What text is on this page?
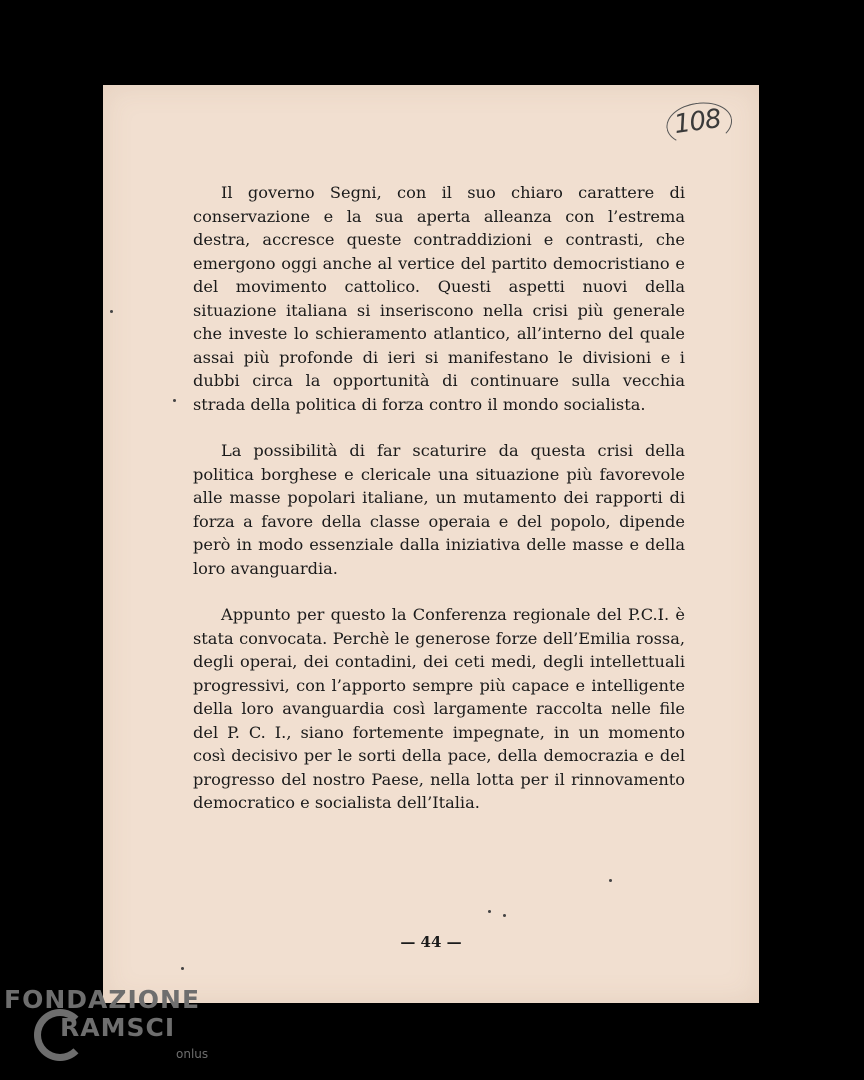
108

Il governo Segni, con il suo chiaro carattere di conservazione e la sua aperta alleanza con l’estrema destra, accresce queste contraddizioni e contrasti, che emergono oggi anche al vertice del partito democristiano e del movimento cattolico. Questi aspetti nuovi della situazione italiana si inseriscono nella crisi più generale che investe lo schieramento atlantico, all’interno del quale assai più profonde di ieri si manifestano le divisioni e i dubbi circa la opportunità di continuare sulla vecchia strada della politica di forza contro il mondo socialista.

La possibilità di far scaturire da questa crisi della politica borghese e clericale una situazione più favorevole alle masse popolari italiane, un mutamento dei rapporti di forza a favore della classe operaia e del popolo, dipende però in modo essenziale dalla iniziativa delle masse e della loro avanguardia.

Appunto per questo la Conferenza regionale del P.C.I. è stata convocata. Perchè le generose forze dell’Emilia rossa, degli operai, dei contadini, dei ceti medi, degli intellettuali progressivi, con l’apporto sempre più capace e intelligente della loro avanguardia così largamente raccolta nelle file del P. C. I., siano fortemente impegnate, in un momento così decisivo per le sorti della pace, della democrazia e del progresso del nostro Paese, nella lotta per il rinnovamento democratico e socialista dell’Italia.

— 44 —
FONDAZIONE
RAMSCI
onlus
